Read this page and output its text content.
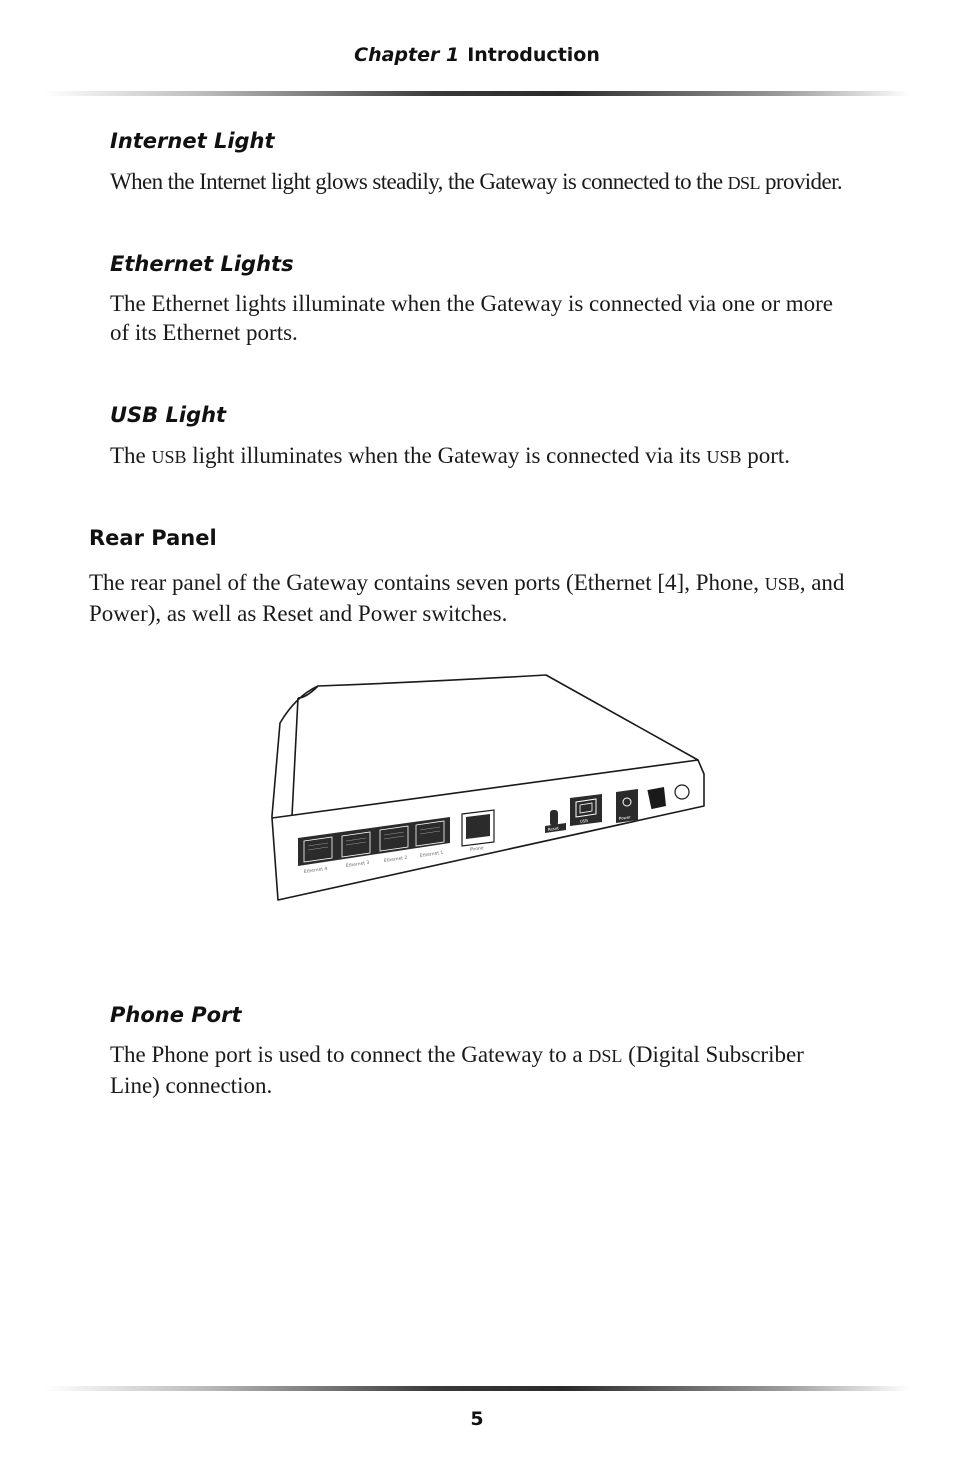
Chapter 1 Introduction
Internet Light
When the Internet light glows steadily, the Gateway is connected to the DSL provider.
Ethernet Lights
The Ethernet lights illuminate when the Gateway is connected via one or more
of its Ethernet ports.
USB Light
The USB light illuminates when the Gateway is connected via its USB port.
Rear Panel
The rear panel of the Gateway contains seven ports (Ethernet [4], Phone, USB, and
Power), as well as Reset and Power switches.
Ethernet 4
Ethernet 3
Ethernet 2
Ethernet 1
Phone
Reset
USB	Power
Phone Port
The Phone port is used to connect the Gateway to a DSL (Digital Subscriber
Line) connection.
5
